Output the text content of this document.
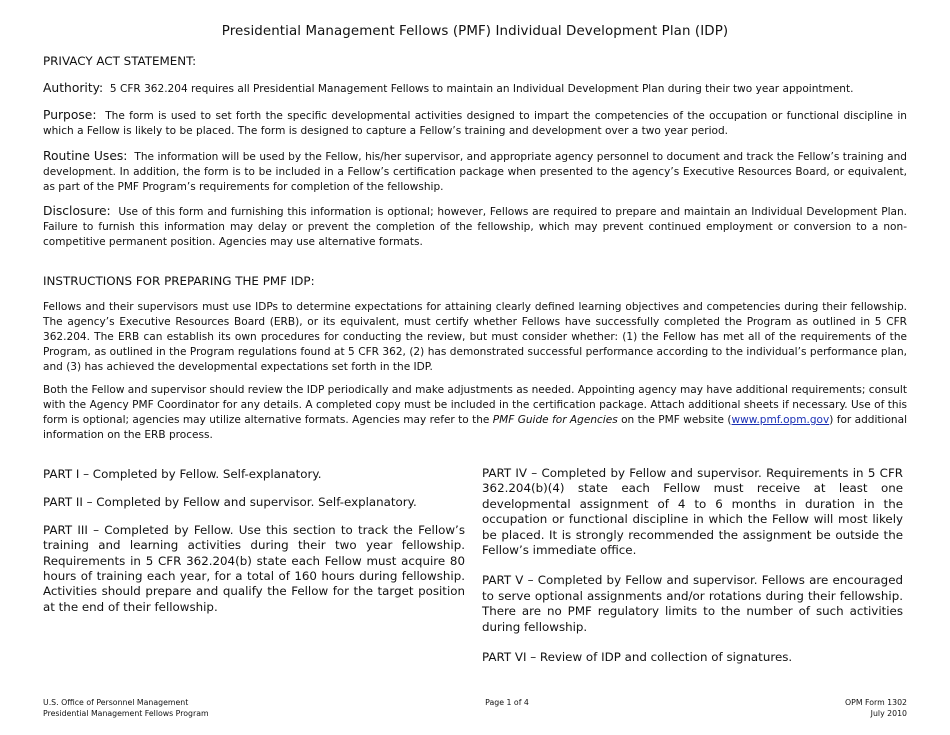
Presidential Management Fellows (PMF) Individual Development Plan (IDP)
PRIVACY ACT STATEMENT:

Authority: 5 CFR 362.204 requires all Presidential Management Fellows to maintain an Individual Development Plan during their two year appointment.

Purpose: The form is used to set forth the specific developmental activities designed to impart the competencies of the occupation or functional discipline in which a Fellow is likely to be placed. The form is designed to capture a Fellow’s training and development over a two year period.

Routine Uses: The information will be used by the Fellow, his/her supervisor, and appropriate agency personnel to document and track the Fellow’s training and development. In addition, the form is to be included in a Fellow’s certification package when presented to the agency’s Executive Resources Board, or equivalent, as part of the PMF Program’s requirements for completion of the fellowship.

Disclosure: Use of this form and furnishing this information is optional; however, Fellows are required to prepare and maintain an Individual Development Plan. Failure to furnish this information may delay or prevent the completion of the fellowship, which may prevent continued employment or conversion to a non-competitive permanent position. Agencies may use alternative formats.

INSTRUCTIONS FOR PREPARING THE PMF IDP:

Fellows and their supervisors must use IDPs to determine expectations for attaining clearly defined learning objectives and competencies during their fellowship. The agency’s Executive Resources Board (ERB), or its equivalent, must certify whether Fellows have successfully completed the Program as outlined in 5 CFR 362.204. The ERB can establish its own procedures for conducting the review, but must consider whether: (1) the Fellow has met all of the requirements of the Program, as outlined in the Program regulations found at 5 CFR 362, (2) has demonstrated successful performance according to the individual’s performance plan, and (3) has achieved the developmental expectations set forth in the IDP.

Both the Fellow and supervisor should review the IDP periodically and make adjustments as needed. Appointing agency may have additional requirements; consult with the Agency PMF Coordinator for any details. A completed copy must be included in the certification package. Attach additional sheets if necessary. Use of this form is optional; agencies may utilize alternative formats. Agencies may refer to the PMF Guide for Agencies on the PMF website (www.pmf.opm.gov) for additional information on the ERB process.

PART I – Completed by Fellow. Self-explanatory.

PART II – Completed by Fellow and supervisor. Self-explanatory.

PART III – Completed by Fellow. Use this section to track the Fellow’s training and learning activities during their two year fellowship. Requirements in 5 CFR 362.204(b) state each Fellow must acquire 80 hours of training each year, for a total of 160 hours during fellowship. Activities should prepare and qualify the Fellow for the target position at the end of their fellowship.

PART IV – Completed by Fellow and supervisor. Requirements in 5 CFR 362.204(b)(4) state each Fellow must receive at least one developmental assignment of 4 to 6 months in duration in the occupation or functional discipline in which the Fellow will most likely be placed. It is strongly recommended the assignment be outside the Fellow’s immediate office.

PART V – Completed by Fellow and supervisor. Fellows are encouraged to serve optional assignments and/or rotations during their fellowship. There are no PMF regulatory limits to the number of such activities during fellowship.

PART VI – Review of IDP and collection of signatures.

U.S. Office of Personnel Management
Presidential Management Fellows Program
Page 1 of 4	OPM Form 1302
July 2010
